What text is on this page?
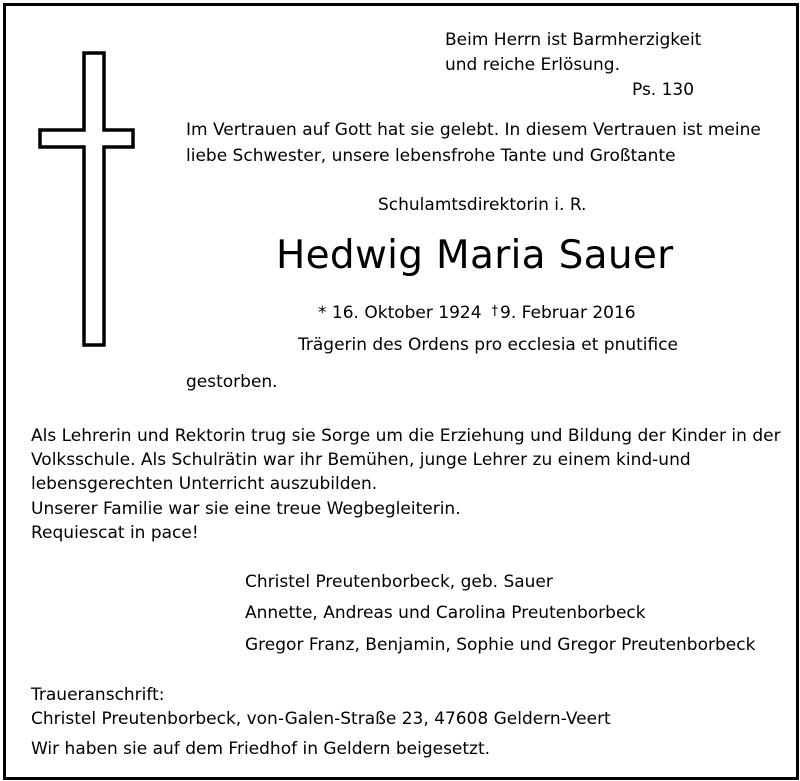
Beim Herrn ist Barmherzigkeit
und reiche Erlösung.
Ps. 130
Im Vertrauen auf Gott hat sie gelebt. In diesem Vertrauen ist meine
liebe Schwester, unsere lebensfrohe Tante und Großtante
Schulamtsdirektorin i. R.
Hedwig Maria Sauer
* 16. Oktober 1924 † 9. Februar 2016
Trägerin des Ordens pro ecclesia et pnutifice
gestorben.
Als Lehrerin und Rektorin trug sie Sorge um die Erziehung und Bildung der Kinder in der
Volksschule. Als Schulrätin war ihr Bemühen, junge Lehrer zu einem kind-und
lebensgerechten Unterricht auszubilden.
Unserer Familie war sie eine treue Wegbegleiterin.
Requiescat in pace!
Christel Preutenborbeck, geb. Sauer
Annette, Andreas und Carolina Preutenborbeck
Gregor Franz, Benjamin, Sophie und Gregor Preutenborbeck
Traueranschrift:
Christel Preutenborbeck, von-Galen-Straße 23, 47608 Geldern-Veert
Wir haben sie auf dem Friedhof in Geldern beigesetzt.
